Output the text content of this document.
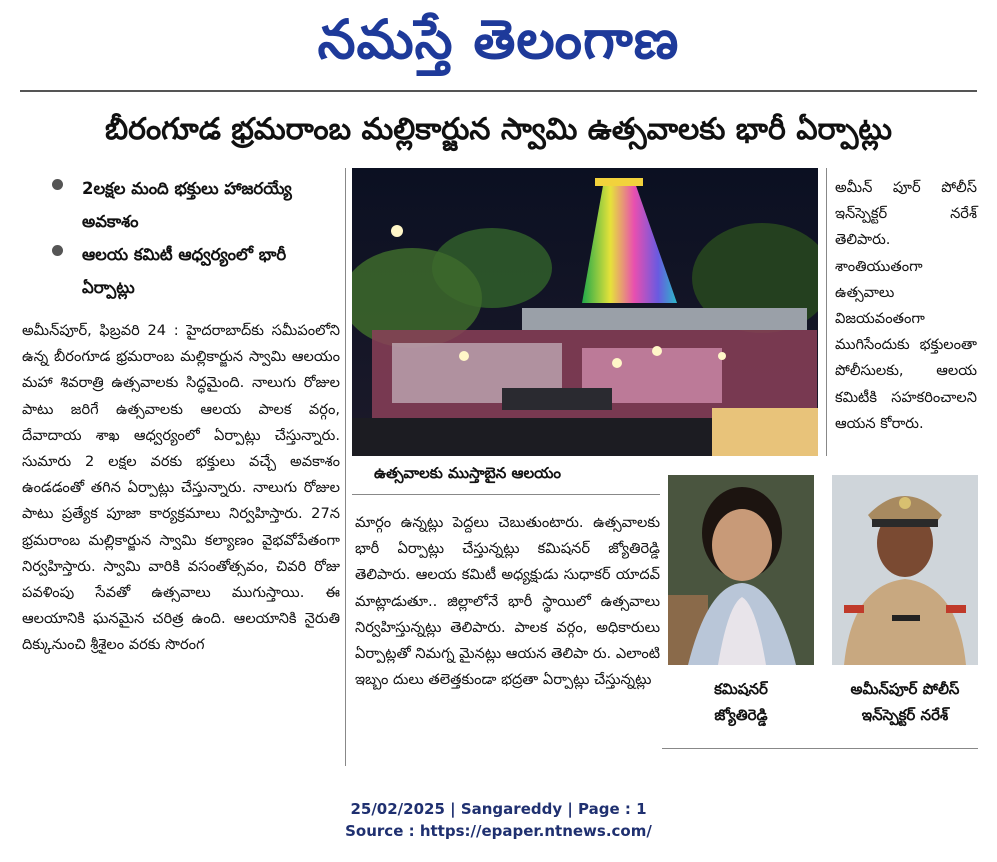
నమస్తే తెలంగాణ
బీరంగూడ భ్రమరాంబ మల్లికార్జున స్వామి ఉత్సవాలకు భారీ ఏర్పాట్లు
2లక్షల మంది భక్తులు హాజరయ్యే అవకాశం
ఆలయ కమిటీ ఆధ్వర్యంలో భారీ ఏర్పాట్లు

అమీన్‌పూర్, ఫిబ్రవరి 24 : హైదరాబాద్‌కు సమీపంలోని ఉన్న బీరంగూడ భ్రమరాంబ మల్లికార్జున స్వామి ఆలయం మహా శివరాత్రి ఉత్సవాలకు సిద్ధమైంది. నాలుగు రోజుల పాటు జరిగే ఉత్సవాలకు ఆలయ పాలక వర్గం, దేవాదాయ శాఖ ఆధ్వర్యంలో ఏర్పాట్లు చేస్తున్నారు. సుమారు 2 లక్షల వరకు భక్తులు వచ్చే అవకాశం ఉండడంతో తగిన ఏర్పాట్లు చేస్తున్నారు. నాలుగు రోజుల పాటు ప్రత్యేక పూజా కార్యక్రమాలు నిర్వహిస్తారు. 27న భ్రమరాంబ మల్లికార్జున స్వామి కల్యాణం వైభవోపేతంగా నిర్వహిస్తారు. స్వామి వారికి వసంతోత్సవం, చివరి రోజు పవళింపు సేవతో ఉత్సవాలు ముగుస్తాయి. ఈ ఆలయానికి ఘనమైన చరిత్ర ఉంది. ఆలయానికి నైరుతి దిక్కునుంచి శ్రీశైలం వరకు సొరంగ

ఉత్సవాలకు ముస్తాబైన ఆలయం

మార్గం ఉన్నట్లు పెద్దలు చెబుతుంటారు. ఉత్సవాలకు భారీ ఏర్పాట్లు చేస్తున్నట్లు కమిషనర్ జ్యోతిరెడ్డి తెలిపారు. ఆలయ కమిటీ అధ్యక్షుడు సుధాకర్ యాదవ్ మాట్లాడుతూ.. జిల్లాలోనే భారీ స్థాయిలో ఉత్సవాలు నిర్వహిస్తున్నట్లు తెలిపారు. పాలక వర్గం, అధికారులు ఏర్పాట్లతో నిమగ్న మైనట్లు ఆయన తెలిపా రు. ఎలాంటి ఇబ్బం దులు తలెత్తకుండా భద్రతా ఏర్పాట్లు చేస్తున్నట్లు

అమీన్ పూర్ పోలీస్ ఇన్‌స్పెక్టర్ నరేశ్ తెలిపారు. శాంతియుతంగా ఉత్సవాలు విజయవంతంగా ముగిసేందుకు భక్తులంతా పోలీసులకు, ఆలయ కమిటీకి సహకరించాలని ఆయన కోరారు.

కమిషనర్
జ్యోతిరెడ్డి
అమీన్‌పూర్ పోలీస్
ఇన్‌స్పెక్టర్ నరేశ్
25/02/2025 | Sangareddy | Page : 1
Source : https://epaper.ntnews.com/
